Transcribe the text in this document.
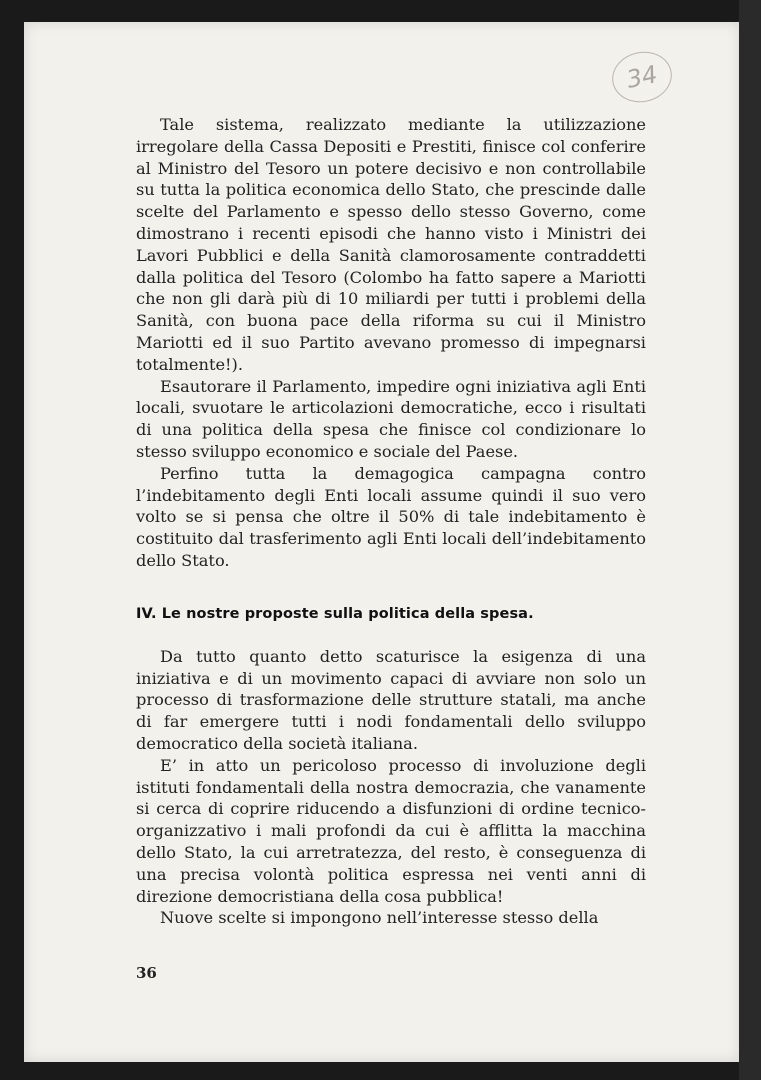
34

Tale sistema, realizzato mediante la utilizzazione irregolare della Cassa Depositi e Prestiti, finisce col conferire al Ministro del Tesoro un potere decisivo e non controllabile su tutta la politica economica dello Stato, che prescinde dalle scelte del Parlamento e spesso dello stesso Governo, come dimostrano i recenti episodi che hanno visto i Ministri dei Lavori Pubblici e della Sanità clamorosamente contraddetti dalla politica del Tesoro (Colombo ha fatto sapere a Mariotti che non gli darà più di 10 miliardi per tutti i problemi della Sanità, con buona pace della riforma su cui il Ministro Mariotti ed il suo Partito avevano promesso di impegnarsi totalmente!).

Esautorare il Parlamento, impedire ogni iniziativa agli Enti locali, svuotare le articolazioni democratiche, ecco i risultati di una politica della spesa che finisce col condizionare lo stesso sviluppo economico e sociale del Paese.

Perfino tutta la demagogica campagna contro l’indebitamento degli Enti locali assume quindi il suo vero volto se si pensa che oltre il 50% di tale indebitamento è costituito dal trasferimento agli Enti locali dell’indebitamento dello Stato.

IV. Le nostre proposte sulla politica della spesa.

Da tutto quanto detto scaturisce la esigenza di una iniziativa e di un movimento capaci di avviare non solo un processo di trasformazione delle strutture statali, ma anche di far emergere tutti i nodi fondamentali dello sviluppo democratico della società italiana.

E’ in atto un pericoloso processo di involuzione degli istituti fondamentali della nostra democrazia, che vanamente si cerca di coprire riducendo a disfunzioni di ordine tecnico-organizzativo i mali profondi da cui è afflitta la macchina dello Stato, la cui arretratezza, del resto, è conseguenza di una precisa volontà politica espressa nei venti anni di direzione democristiana della cosa pubblica!

Nuove scelte si impongono nell’interesse stesso della

36
